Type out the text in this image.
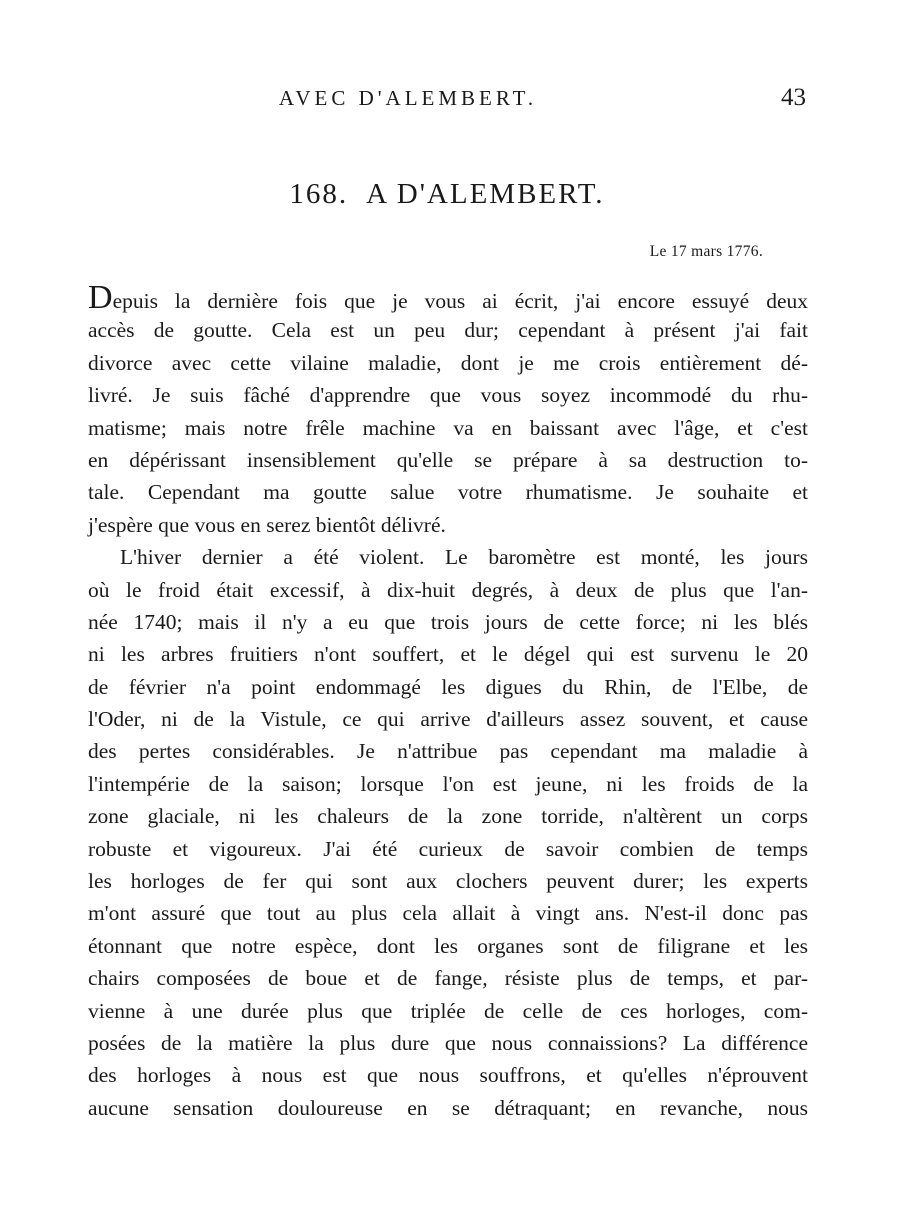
AVEC D'ALEMBERT.	43
168. A D'ALEMBERT.
Le 17 mars 1776.
Depuis la dernière fois que je vous ai écrit, j'ai encore essuyé deux
accès de goutte. Cela est un peu dur; cependant à présent j'ai fait
divorce avec cette vilaine maladie, dont je me crois entièrement dé-
livré. Je suis fâché d'apprendre que vous soyez incommodé du rhu-
matisme; mais notre frêle machine va en baissant avec l'âge, et c'est
en dépérissant insensiblement qu'elle se prépare à sa destruction to-
tale. Cependant ma goutte salue votre rhumatisme. Je souhaite et
j'espère que vous en serez bientôt délivré.
L'hiver dernier a été violent. Le baromètre est monté, les jours
où le froid était excessif, à dix-huit degrés, à deux de plus que l'an-
née 1740; mais il n'y a eu que trois jours de cette force; ni les blés
ni les arbres fruitiers n'ont souffert, et le dégel qui est survenu le 20
de février n'a point endommagé les digues du Rhin, de l'Elbe, de
l'Oder, ni de la Vistule, ce qui arrive d'ailleurs assez souvent, et cause
des pertes considérables. Je n'attribue pas cependant ma maladie à
l'intempérie de la saison; lorsque l'on est jeune, ni les froids de la
zone glaciale, ni les chaleurs de la zone torride, n'altèrent un corps
robuste et vigoureux. J'ai été curieux de savoir combien de temps
les horloges de fer qui sont aux clochers peuvent durer; les experts
m'ont assuré que tout au plus cela allait à vingt ans. N'est-il donc pas
étonnant que notre espèce, dont les organes sont de filigrane et les
chairs composées de boue et de fange, résiste plus de temps, et par-
vienne à une durée plus que triplée de celle de ces horloges, com-
posées de la matière la plus dure que nous connaissions? La différence
des horloges à nous est que nous souffrons, et qu'elles n'éprouvent
aucune sensation douloureuse en se détraquant; en revanche, nous
